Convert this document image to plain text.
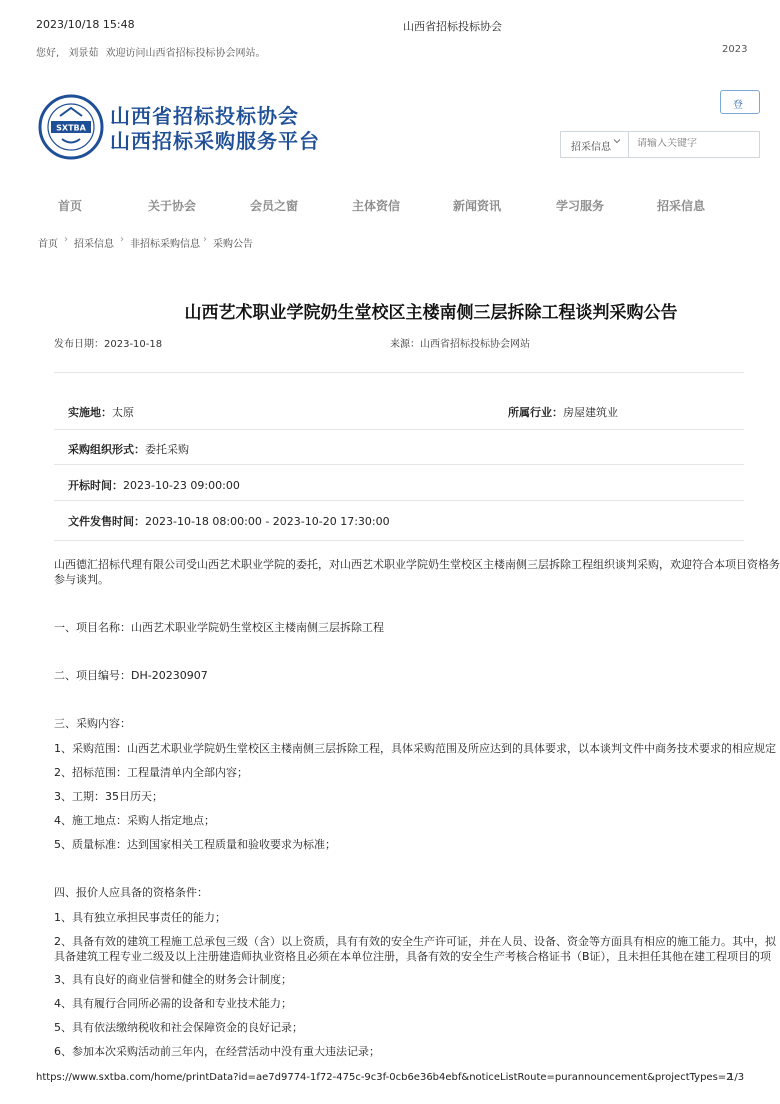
2023/10/18 15:48	山西省招标投标协会
您好, 刘景茹 欢迎访问山西省招标投标协会网站。	2023
登
SXTBA 山西省招标投标协会
山西招标采购服务平台	招采信息
请输入关键字
首页	关于协会	会员之窗	主体资信	新闻资讯	学习服务	招采信息
首页 › 招采信息 › 非招标采购信息 › 采购公告
山西艺术职业学院奶生堂校区主楼南侧三层拆除工程谈判采购公告
发布日期：2023-10-18	来源：山西省招标投标协会网站
实施地：太原	所属行业：房屋建筑业
采购组织形式：委托采购
开标时间：2023-10-23 09:00:00
文件发售时间：2023-10-18 08:00:00 - 2023-10-20 17:30:00
山西德汇招标代理有限公司受山西艺术职业学院的委托，对山西艺术职业学院奶生堂校区主楼南侧三层拆除工程组织谈判采购，欢迎符合本项目资格务
参与谈判。
一、项目名称：山西艺术职业学院奶生堂校区主楼南侧三层拆除工程
二、项目编号：DH-20230907
三、采购内容：
1、采购范围：山西艺术职业学院奶生堂校区主楼南侧三层拆除工程，具体采购范围及所应达到的具体要求，以本谈判文件中商务技术要求的相应规定
2、招标范围：工程量清单内全部内容；
3、工期：35日历天；
4、施工地点：采购人指定地点；
5、质量标准：达到国家相关工程质量和验收要求为标准；
四、报价人应具备的资格条件：
1、具有独立承担民事责任的能力；
2、具备有效的建筑工程施工总承包三级（含）以上资质，具有有效的安全生产许可证，并在人员、设备、资金等方面具有相应的施工能力。其中，拟
具备建筑工程专业二级及以上注册建造师执业资格且必须在本单位注册，具备有效的安全生产考核合格证书（B证），且未担任其他在建工程项目的项
3、具有良好的商业信誉和健全的财务会计制度；
4、具有履行合同所必需的设备和专业技术能力；
5、具有依法缴纳税收和社会保障资金的良好记录；
6、参加本次采购活动前三年内，在经营活动中没有重大违法记录；
https://www.sxtba.com/home/printData?id=ae7d9774-1f72-475c-9c3f-0cb6e36b4ebf&noticeListRoute=purannouncement&projectTypes=2
1/3
